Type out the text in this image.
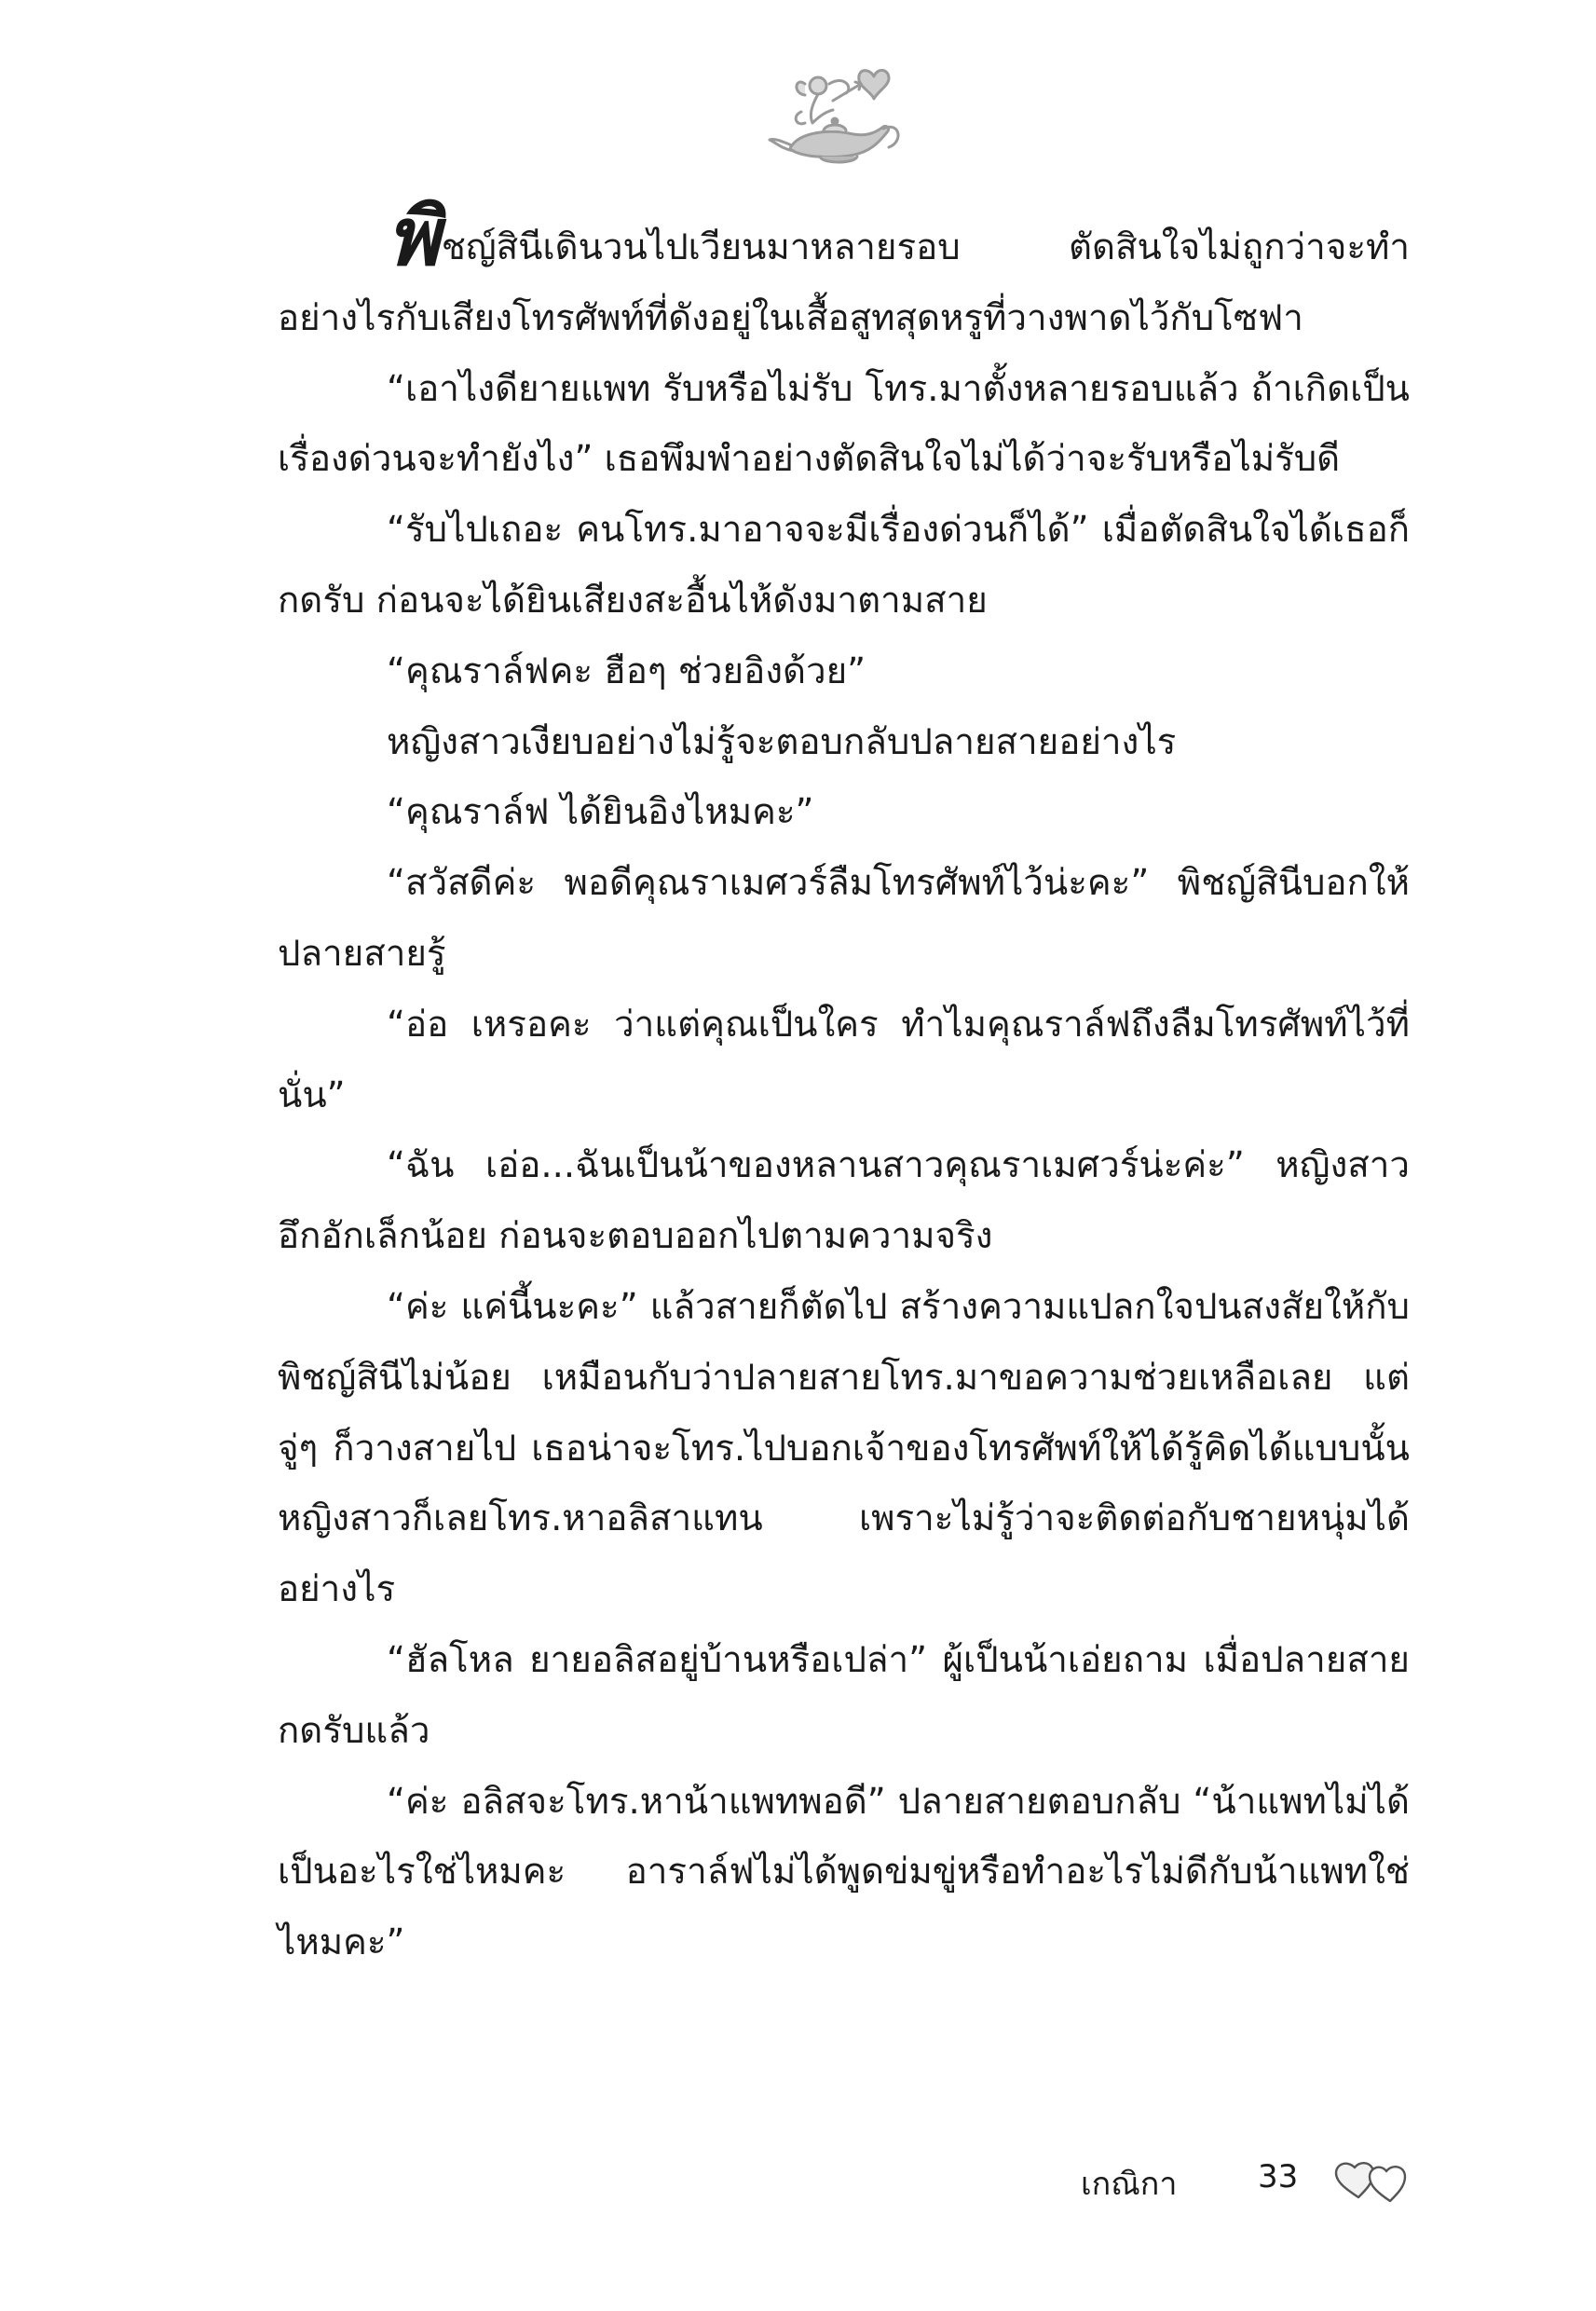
พิชญ์สินีเดินวนไปเวียนมาหลายรอบ ตัดสินใจไม่ถูกว่าจะทำอย่างไรกับเสียงโทรศัพท์ที่ดังอยู่ในเสื้อสูทสุดหรูที่วางพาดไว้กับโซฟา

“เอาไงดียายแพท รับหรือไม่รับ โทร.มาตั้งหลายรอบแล้ว ถ้าเกิดเป็นเรื่องด่วนจะทำยังไง” เธอพึมพำอย่างตัดสินใจไม่ได้ว่าจะรับหรือไม่รับดี

“รับไปเถอะ คนโทร.มาอาจจะมีเรื่องด่วนก็ได้” เมื่อตัดสินใจได้เธอก็กดรับ ก่อนจะได้ยินเสียงสะอื้นไห้ดังมาตามสาย

“คุณราล์ฟคะ ฮือๆ ช่วยอิงด้วย”

หญิงสาวเงียบอย่างไม่รู้จะตอบกลับปลายสายอย่างไร

“คุณราล์ฟ ได้ยินอิงไหมคะ”

“สวัสดีค่ะ พอดีคุณราเมศวร์ลืมโทรศัพท์ไว้น่ะคะ” พิชญ์สินีบอกให้ปลายสายรู้

“อ่อ เหรอคะ ว่าแต่คุณเป็นใคร ทำไมคุณราล์ฟถึงลืมโทรศัพท์ไว้ที่นั่น”

“ฉัน เอ่อ...ฉันเป็นน้าของหลานสาวคุณราเมศวร์น่ะค่ะ” หญิงสาวอึกอักเล็กน้อย ก่อนจะตอบออกไปตามความจริง

“ค่ะ แค่นี้นะคะ” แล้วสายก็ตัดไป สร้างความแปลกใจปนสงสัยให้กับพิชญ์สินีไม่น้อย เหมือนกับว่าปลายสายโทร.มาขอความช่วยเหลือเลย แต่จู่ๆ ก็วางสายไป เธอน่าจะโทร.ไปบอกเจ้าของโทรศัพท์ให้ได้รู้คิดได้แบบนั้นหญิงสาวก็เลยโทร.หาอลิสาแทน เพราะไม่รู้ว่าจะติดต่อกับชายหนุ่มได้อย่างไร

“ฮัลโหล ยายอลิสอยู่บ้านหรือเปล่า” ผู้เป็นน้าเอ่ยถาม เมื่อปลายสายกดรับแล้ว

“ค่ะ อลิสจะโทร.หาน้าแพทพอดี” ปลายสายตอบกลับ “น้าแพทไม่ได้เป็นอะไรใช่ไหมคะ อาราล์ฟไม่ได้พูดข่มขู่หรือทำอะไรไม่ดีกับน้าแพทใช่ไหมคะ”

เกณิกา	33
